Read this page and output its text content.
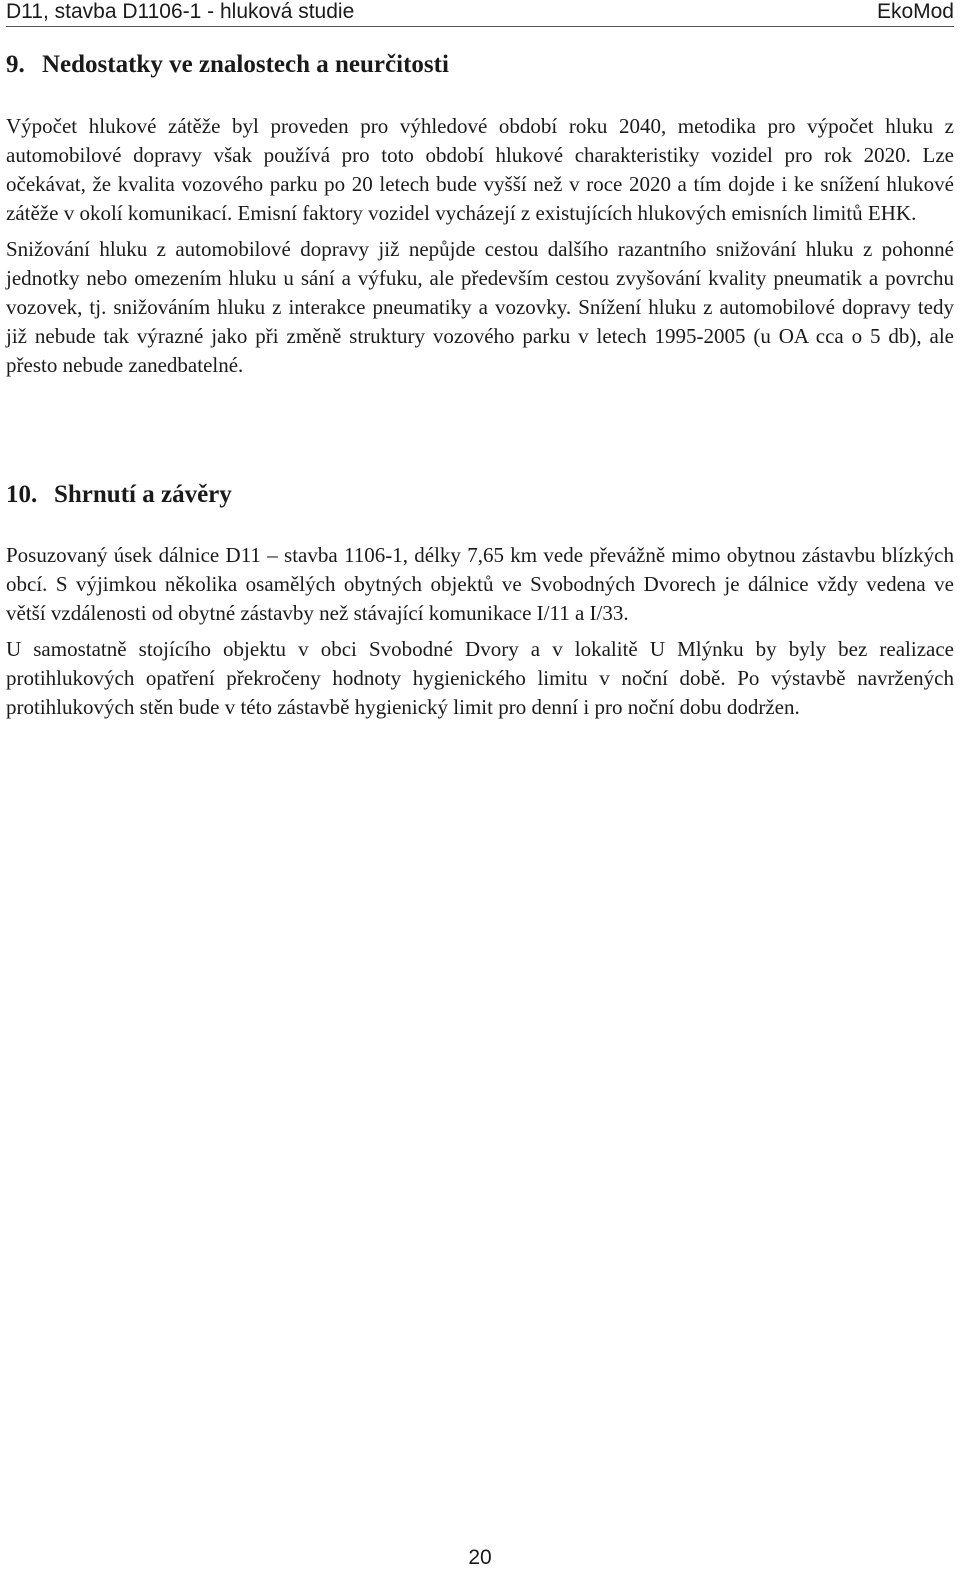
D11, stavba D1106-1 - hluková studie	EkoMod
9. Nedostatky ve znalostech a neurčitosti

Výpočet hlukové zátěže byl proveden pro výhledové období roku 2040, metodika pro výpočet hluku z automobilové dopravy však používá pro toto období hlukové charakteristiky vozidel pro rok 2020. Lze očekávat, že kvalita vozového parku po 20 letech bude vyšší než v roce 2020 a tím dojde i ke snížení hlukové zátěže v okolí komunikací. Emisní faktory vozidel vycházejí z existujících hlukových emisních limitů EHK.

Snižování hluku z automobilové dopravy již nepůjde cestou dalšího razantního snižování hluku z pohonné jednotky nebo omezením hluku u sání a výfuku, ale především cestou zvyšování kvality pneumatik a povrchu vozovek, tj. snižováním hluku z interakce pneumatiky a vozovky. Snížení hluku z automobilové dopravy tedy již nebude tak výrazné jako při změně struktury vozového parku v letech 1995-2005 (u OA cca o 5 db), ale přesto nebude zanedbatelné.

10. Shrnutí a závěry

Posuzovaný úsek dálnice D11 – stavba 1106-1, délky 7,65 km vede převážně mimo obytnou zástavbu blízkých obcí. S výjimkou několika osamělých obytných objektů ve Svobodných Dvorech je dálnice vždy vedena ve větší vzdálenosti od obytné zástavby než stávající komunikace I/11 a I/33.

U samostatně stojícího objektu v obci Svobodné Dvory a v lokalitě U Mlýnku by byly bez realizace protihlukových opatření překročeny hodnoty hygienického limitu v noční době. Po výstavbě navržených protihlukových stěn bude v této zástavbě hygienický limit pro denní i pro noční dobu dodržen.

20
